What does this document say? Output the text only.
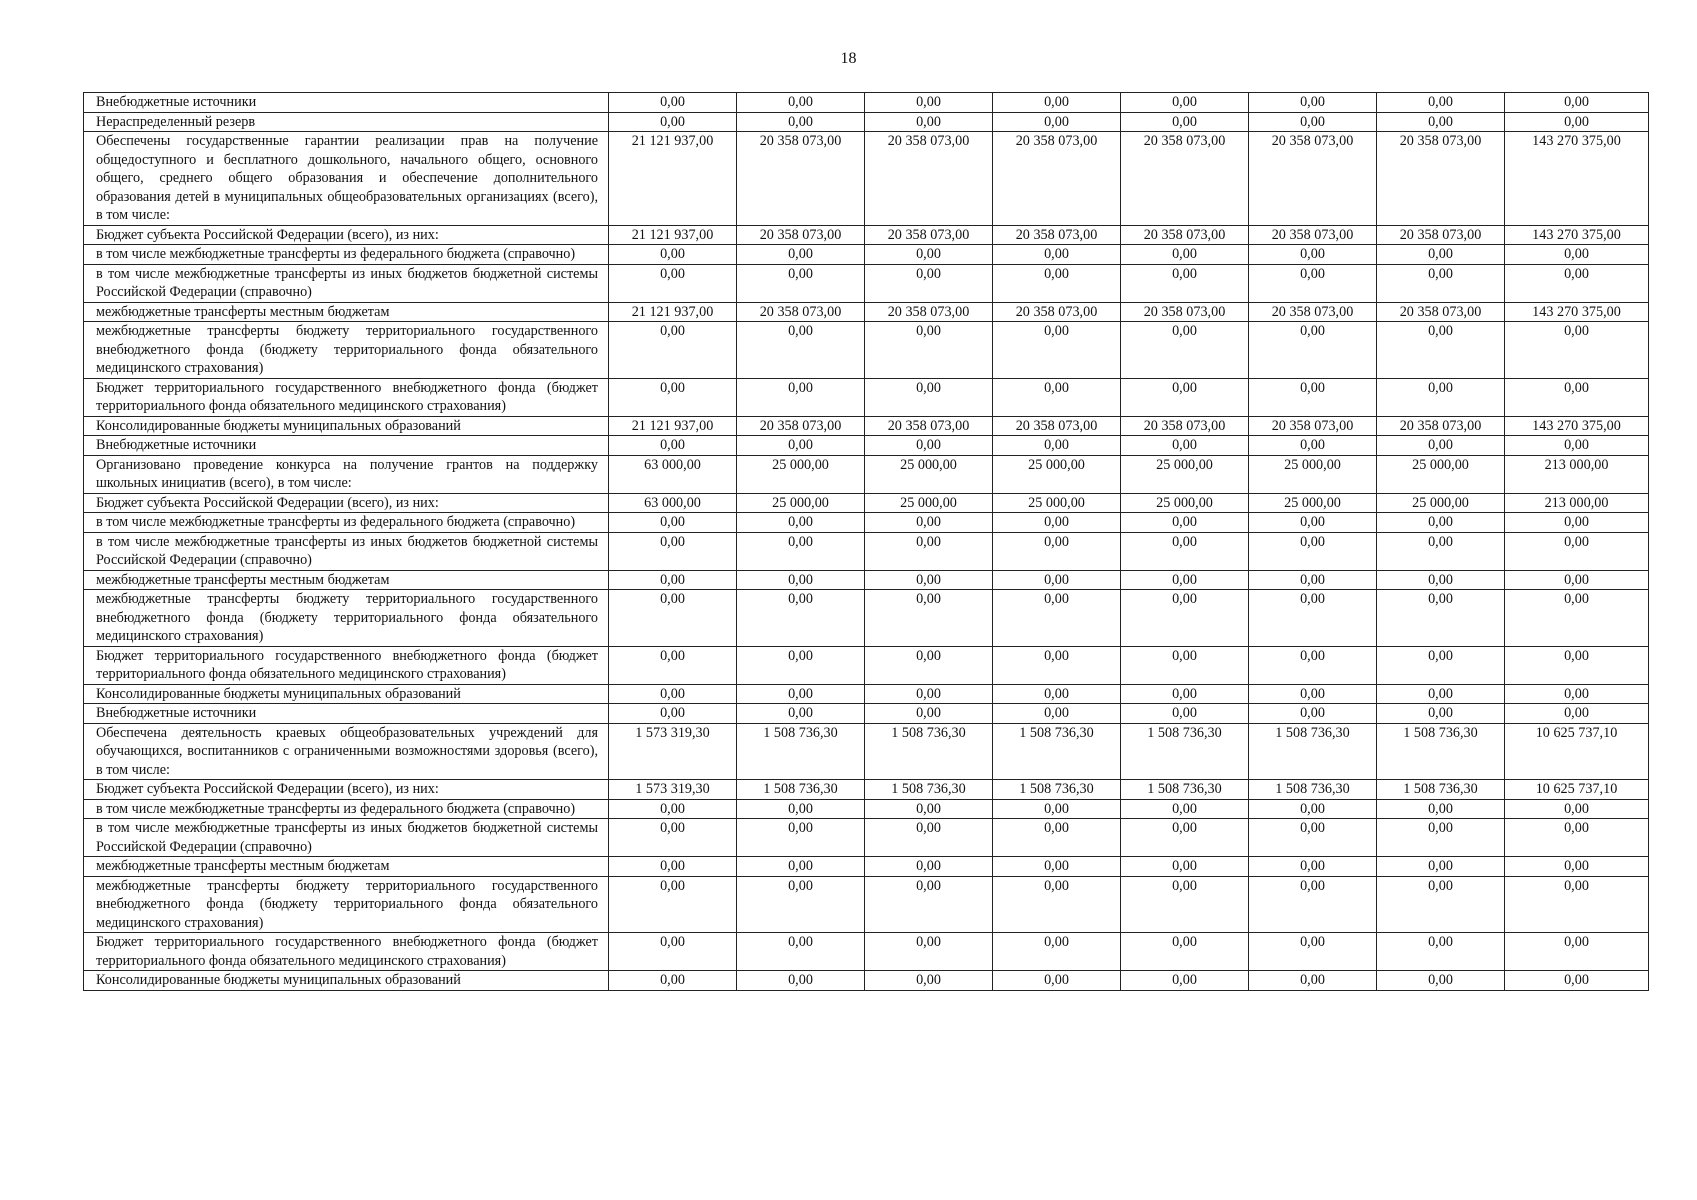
18
Внебюджетные источники	0,00	0,00	0,00	0,00	0,00	0,00	0,00	0,00
Нераспределенный резерв	0,00	0,00	0,00	0,00	0,00	0,00	0,00	0,00
Обеспечены государственные гарантии реализации прав на получение общедоступного и бесплатного дошкольного, начального общего, основного общего, среднего общего образования и обеспечение дополнительного образования детей в муниципальных общеобразовательных организациях (всего), в том числе:	21 121 937,00	20 358 073,00	20 358 073,00	20 358 073,00	20 358 073,00	20 358 073,00	20 358 073,00	143 270 375,00
Бюджет субъекта Российской Федерации (всего), из них:	21 121 937,00	20 358 073,00	20 358 073,00	20 358 073,00	20 358 073,00	20 358 073,00	20 358 073,00	143 270 375,00
в том числе межбюджетные трансферты из федерального бюджета (справочно)	0,00	0,00	0,00	0,00	0,00	0,00	0,00	0,00
в том числе межбюджетные трансферты из иных бюджетов бюджетной системы Российской Федерации (справочно)	0,00	0,00	0,00	0,00	0,00	0,00	0,00	0,00
межбюджетные трансферты местным бюджетам	21 121 937,00	20 358 073,00	20 358 073,00	20 358 073,00	20 358 073,00	20 358 073,00	20 358 073,00	143 270 375,00
межбюджетные трансферты бюджету территориального государственного внебюджетного фонда (бюджету территориального фонда обязательного медицинского страхования)	0,00	0,00	0,00	0,00	0,00	0,00	0,00	0,00
Бюджет территориального государственного внебюджетного фонда (бюджет территориального фонда обязательного медицинского страхования)	0,00	0,00	0,00	0,00	0,00	0,00	0,00	0,00
Консолидированные бюджеты муниципальных образований	21 121 937,00	20 358 073,00	20 358 073,00	20 358 073,00	20 358 073,00	20 358 073,00	20 358 073,00	143 270 375,00
Внебюджетные источники	0,00	0,00	0,00	0,00	0,00	0,00	0,00	0,00
Организовано проведение конкурса на получение грантов на поддержку школьных инициатив (всего), в том числе:	63 000,00	25 000,00	25 000,00	25 000,00	25 000,00	25 000,00	25 000,00	213 000,00
Бюджет субъекта Российской Федерации (всего), из них:	63 000,00	25 000,00	25 000,00	25 000,00	25 000,00	25 000,00	25 000,00	213 000,00
в том числе межбюджетные трансферты из федерального бюджета (справочно)	0,00	0,00	0,00	0,00	0,00	0,00	0,00	0,00
в том числе межбюджетные трансферты из иных бюджетов бюджетной системы Российской Федерации (справочно)	0,00	0,00	0,00	0,00	0,00	0,00	0,00	0,00
межбюджетные трансферты местным бюджетам	0,00	0,00	0,00	0,00	0,00	0,00	0,00	0,00
межбюджетные трансферты бюджету территориального государственного внебюджетного фонда (бюджету территориального фонда обязательного медицинского страхования)	0,00	0,00	0,00	0,00	0,00	0,00	0,00	0,00
Бюджет территориального государственного внебюджетного фонда (бюджет территориального фонда обязательного медицинского страхования)	0,00	0,00	0,00	0,00	0,00	0,00	0,00	0,00
Консолидированные бюджеты муниципальных образований	0,00	0,00	0,00	0,00	0,00	0,00	0,00	0,00
Внебюджетные источники	0,00	0,00	0,00	0,00	0,00	0,00	0,00	0,00
Обеспечена деятельность краевых общеобразовательных учреждений для обучающихся, воспитанников с ограниченными возможностями здоровья (всего), в том числе:	1 573 319,30	1 508 736,30	1 508 736,30	1 508 736,30	1 508 736,30	1 508 736,30	1 508 736,30	10 625 737,10
Бюджет субъекта Российской Федерации (всего), из них:	1 573 319,30	1 508 736,30	1 508 736,30	1 508 736,30	1 508 736,30	1 508 736,30	1 508 736,30	10 625 737,10
в том числе межбюджетные трансферты из федерального бюджета (справочно)	0,00	0,00	0,00	0,00	0,00	0,00	0,00	0,00
в том числе межбюджетные трансферты из иных бюджетов бюджетной системы Российской Федерации (справочно)	0,00	0,00	0,00	0,00	0,00	0,00	0,00	0,00
межбюджетные трансферты местным бюджетам	0,00	0,00	0,00	0,00	0,00	0,00	0,00	0,00
межбюджетные трансферты бюджету территориального государственного внебюджетного фонда (бюджету территориального фонда обязательного медицинского страхования)	0,00	0,00	0,00	0,00	0,00	0,00	0,00	0,00
Бюджет территориального государственного внебюджетного фонда (бюджет территориального фонда обязательного медицинского страхования)	0,00	0,00	0,00	0,00	0,00	0,00	0,00	0,00
Консолидированные бюджеты муниципальных образований	0,00	0,00	0,00	0,00	0,00	0,00	0,00	0,00
